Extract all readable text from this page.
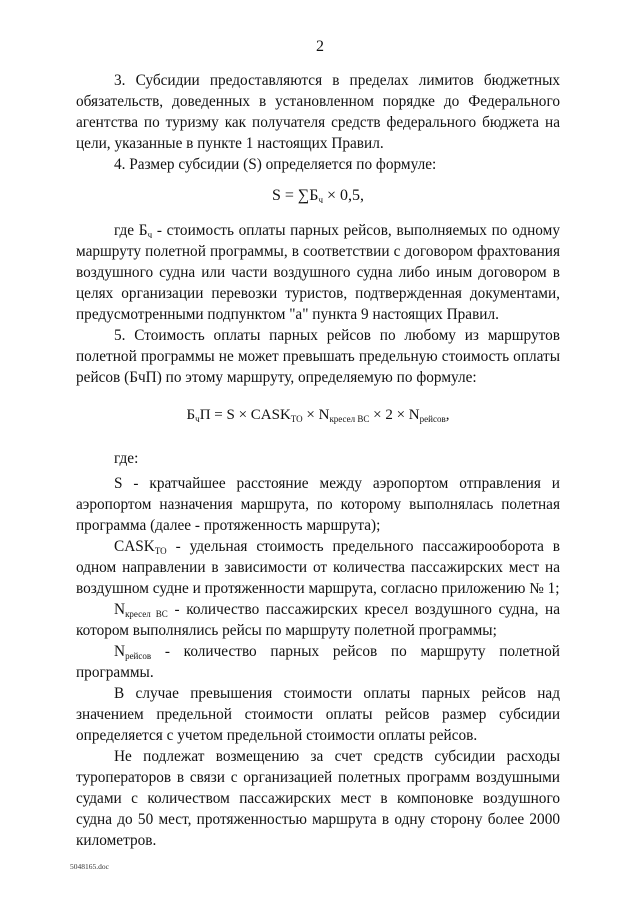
2

3. Субсидии предоставляются в пределах лимитов бюджетных обязательств, доведенных в установленном порядке до Федерального агентства по туризму как получателя средств федерального бюджета на цели, указанные в пункте 1 настоящих Правил.

4. Размер субсидии (S) определяется по формуле:

$S = \sum Б_ч \times 0,5$,

где $Б_ч$ - стоимость оплаты парных рейсов, выполняемых по одному маршруту полетной программы, в соответствии с договором фрахтования воздушного судна или части воздушного судна либо иным договором в целях организации перевозки туристов, подтвержденная документами, предусмотренными подпунктом "а" пункта 9 настоящих Правил.

5. Стоимость оплаты парных рейсов по любому из маршрутов полетной программы не может превышать предельную стоимость оплаты рейсов (БчП) по этому маршруту, определяемую по формуле:

$Б_чП = S$ × $CASK_{TO} \times N_{кресел ВС} \times 2 \times N_{рейсов}$,

где:

S - кратчайшее расстояние между аэропортом отправления и аэропортом назначения маршрута, по которому выполнялась полетная программа (далее - протяженность маршрута);

$CASK_{TO}$ - удельная стоимость предельного пассажирооборота в одном направлении в зависимости от количества пассажирских мест на воздушном судне и протяженности маршрута, согласно приложению № 1;

$N_{кресел ВС}$ - количество пассажирских кресел воздушного судна, на котором выполнялись рейсы по маршруту полетной программы;

$N_{рейсов}$ - количество парных рейсов по маршруту полетной программы.

В случае превышения стоимости оплаты парных рейсов над значением предельной стоимости оплаты рейсов размер субсидии определяется с учетом предельной стоимости оплаты рейсов.

Не подлежат возмещению за счет средств субсидии расходы туроператоров в связи с организацией полетных программ воздушными судами с количеством пассажирских мест в компоновке воздушного судна до 50 мест, протяженностью маршрута в одну сторону более 2000 километров.

5048165.doc
